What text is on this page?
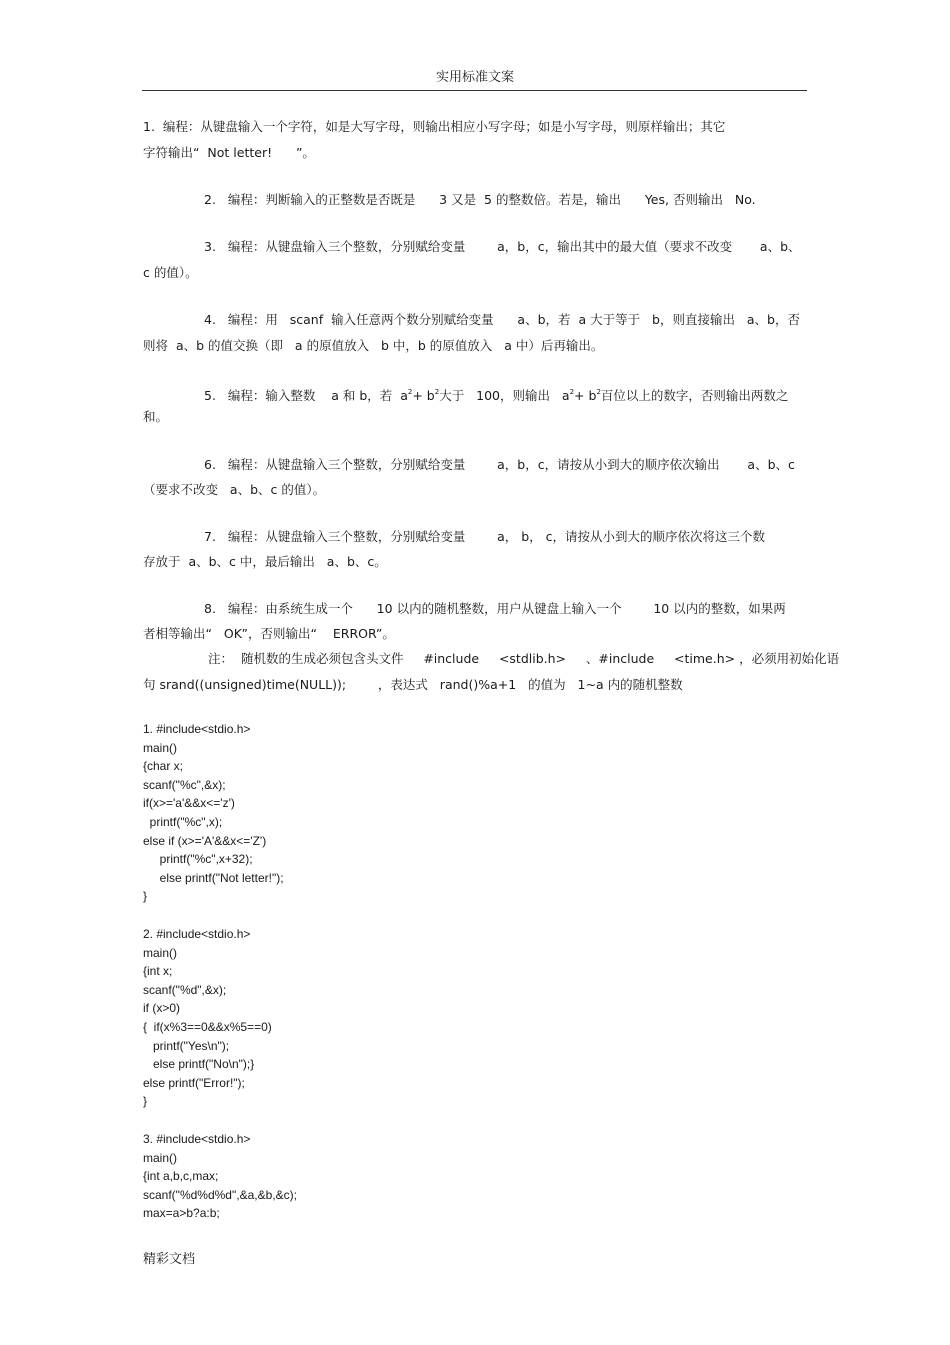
实用标准文案
1.  编程：从键盘输入一个字符，如是大写字母，则输出相应小写字母；如是小写字母，则原样输出；其它
字符输出“  Not letter!      ”。
2.   编程：判断输入的正整数是否既是      3 又是  5 的整数倍。若是，输出      Yes, 否则输出   No.
3.   编程：从键盘输入三个整数，分别赋给变量        a，b，c，输出其中的最大值（要求不改变       a、b、
c 的值）。
4.   编程：用   scanf  输入任意两个数分别赋给变量      a、b，若  a 大于等于   b，则直接输出   a、b，否
则将  a、b 的值交换（即   a 的原值放入   b 中，b 的原值放入   a 中）后再输出。
5.   编程：输入整数    a 和 b，若  $a^2+ b^2$大于   100，则输出   $a^2+ b^2$百位以上的数字，否则输出两数之
和。
6.   编程：从键盘输入三个整数，分别赋给变量        a，b，c，请按从小到大的顺序依次输出       a、b、c
（要求不改变   a、b、c 的值）。
7.   编程：从键盘输入三个整数，分别赋给变量        a， b， c，请按从小到大的顺序依次将这三个数
存放于  a、b、c 中，最后输出   a、b、c。
8.   编程：由系统生成一个      10 以内的随机整数，用户从键盘上输入一个        10 以内的整数，如果两
者相等输出“   OK”，否则输出“    ERROR”。
注：  随机数的生成必须包含头文件     #include     <stdlib.h>     、#include     <time.h> ，必须用初始化语
句 srand((unsigned)time(NULL));        ，表达式   rand()%a+1   的值为   1~a 内的随机整数
1. #include<stdio.h>
main()
{char x;
scanf("%c",&x);
if(x>='a'&&x<='z')
printf("%c",x);
else if (x>='A'&&x<='Z')
printf("%c",x+32);
else printf("Not letter!");
}
2. #include<stdio.h>
main()
{int x;
scanf("%d",&x);
if (x>0)
{  if(x%3==0&&x%5==0)
printf("Yes\n");
else printf("No\n");}
else printf("Error!");
}
3. #include<stdio.h>
main()
{int a,b,c,max;
scanf("%d%d%d",&a,&b,&c);
max=a>b?a:b;
精彩文档
